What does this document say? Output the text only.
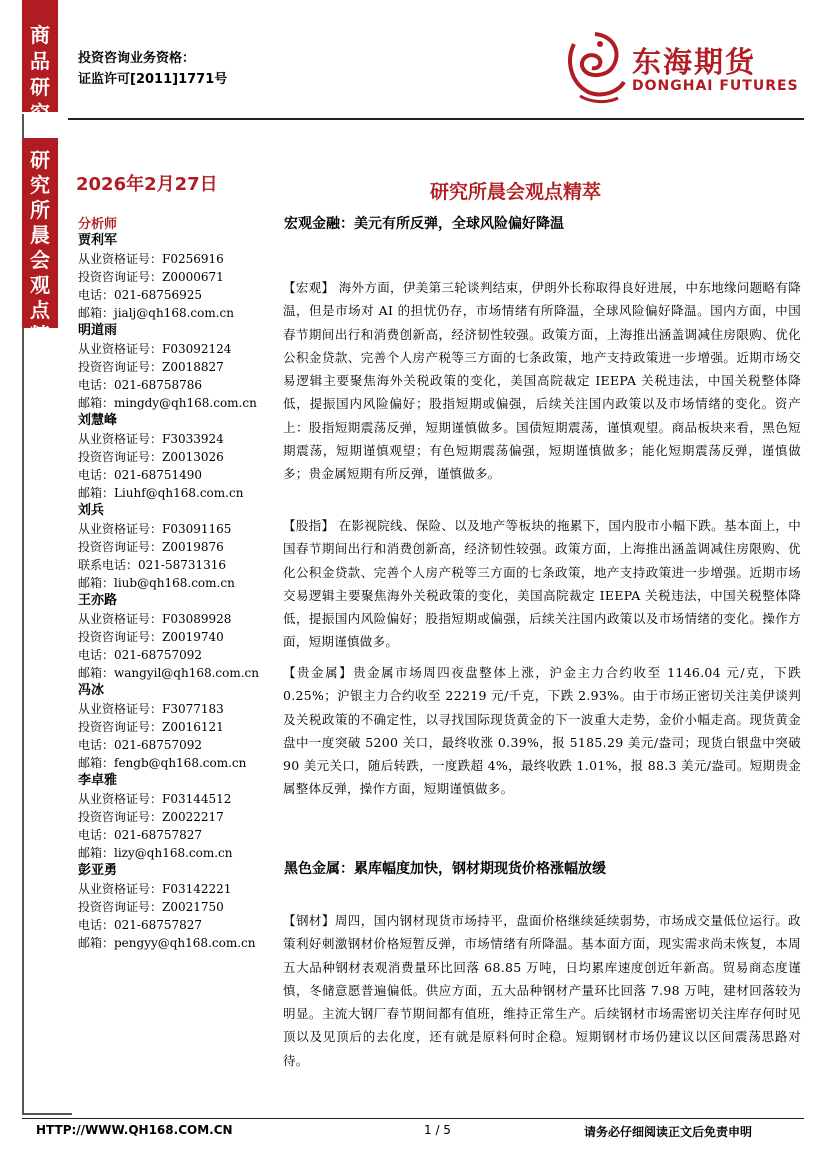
商
品
研
究
研
究
所
晨
会
观
点
精
萃
投资咨询业务资格：
证监许可[2011]1771号
东海期货
DONGHAI FUTURES
2026年2月27日
分析师
贾利军
从业资格证号：F0256916
投资咨询证号：Z0000671
电话：021-68756925
邮箱：jialj@qh168.com.cn
明道雨
从业资格证号：F03092124
投资咨询证号：Z0018827
电话：021-68758786
邮箱：mingdy@qh168.com.cn
刘慧峰
从业资格证号：F3033924
投资咨询证号：Z0013026
电话：021-68751490
邮箱：Liuhf@qh168.com.cn
刘兵
从业资格证号：F03091165
投资咨询证号：Z0019876
联系电话：021-58731316
邮箱：liub@qh168.com.cn
王亦路
从业资格证号：F03089928
投资咨询证号：Z0019740
电话：021-68757092
邮箱：wangyil@qh168.com.cn
冯冰
从业资格证号：F3077183
投资咨询证号：Z0016121
电话：021-68757092
邮箱：fengb@qh168.com.cn
李卓雅
从业资格证号：F03144512
投资咨询证号：Z0022217
电话：021-68757827
邮箱：lizy@qh168.com.cn
彭亚勇
从业资格证号：F03142221
投资咨询证号：Z0021750
电话：021-68757827
邮箱：pengyy@qh168.com.cn
研究所晨会观点精萃
宏观金融：美元有所反弹，全球风险偏好降温
【宏观】 海外方面，伊美第三轮谈判结束，伊朗外长称取得良好进展，中东地缘问题略有降温，但是市场对 AI 的担忧仍存，市场情绪有所降温，全球风险偏好降温。国内方面，中国春节期间出行和消费创新高，经济韧性较强。政策方面，上海推出涵盖调减住房限购、优化公积金贷款、完善个人房产税等三方面的七条政策，地产支持政策进一步增强。近期市场交易逻辑主要聚焦海外关税政策的变化，美国高院裁定 IEEPA 关税违法，中国关税整体降低，提振国内风险偏好；股指短期或偏强，后续关注国内政策以及市场情绪的变化。资产上：股指短期震荡反弹，短期谨慎做多。国债短期震荡，谨慎观望。商品板块来看，黑色短期震荡，短期谨慎观望；有色短期震荡偏强，短期谨慎做多；能化短期震荡反弹，谨慎做多；贵金属短期有所反弹，谨慎做多。
【股指】 在影视院线、保险、以及地产等板块的拖累下，国内股市小幅下跌。基本面上，中国春节期间出行和消费创新高，经济韧性较强。政策方面，上海推出涵盖调减住房限购、优化公积金贷款、完善个人房产税等三方面的七条政策，地产支持政策进一步增强。近期市场交易逻辑主要聚焦海外关税政策的变化，美国高院裁定 IEEPA 关税违法，中国关税整体降低，提振国内风险偏好；股指短期或偏强，后续关注国内政策以及市场情绪的变化。操作方面，短期谨慎做多。
【贵金属】贵金属市场周四夜盘整体上涨，沪金主力合约收至 1146.04 元/克，下跌 0.25%；沪银主力合约收至 22219 元/千克，下跌 2.93%。由于市场正密切关注美伊谈判及关税政策的不确定性，以寻找国际现货黄金的下一波重大走势，金价小幅走高。现货黄金盘中一度突破 5200 关口，最终收涨 0.39%，报 5185.29 美元/盎司；现货白银盘中突破 90 美元关口，随后转跌，一度跌超 4%，最终收跌 1.01%，报 88.3 美元/盎司。短期贵金属整体反弹，操作方面，短期谨慎做多。
黑色金属：累库幅度加快，钢材期现货价格涨幅放缓
【钢材】周四，国内钢材现货市场持平，盘面价格继续延续弱势，市场成交量低位运行。政策利好刺激钢材价格短暂反弹，市场情绪有所降温。基本面方面，现实需求尚未恢复，本周五大品种钢材表观消费量环比回落 68.85 万吨，日均累库速度创近年新高。贸易商态度谨慎，冬储意愿普遍偏低。供应方面，五大品种钢材产量环比回落 7.98 万吨，建材回落较为明显。主流大钢厂春节期间都有值班，维持正常生产。后续钢材市场需密切关注库存何时见顶以及见顶后的去化度，还有就是原料何时企稳。短期钢材市场仍建议以区间震荡思路对待。
HTTP://WWW.QH168.COM.CN	1 / 5	请务必仔细阅读正文后免责申明
